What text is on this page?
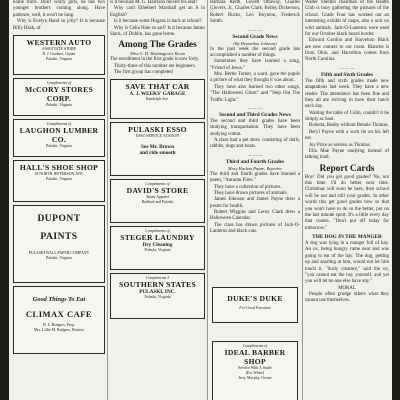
home truck. Don't worry girls, he has two younger brothers coming along. Have patience, well, it won't be long.

Why is Evelyn Hand so jolly? It is because Billy Hash, of

WESTERN AUTO
ASSOCIATE STORE
R. J. Gardner, Owner
Pulaski, Virginia
Compliments of
McCORY STORES CORP.
Pulaski, Virginia
Compliments of
LAUGHON LUMBER CO.
Pulaski, Virginia
HALL'S SHOE SHOP
18 NORTH JEFFERSON AVE.
Pulaski, Virginia
DUPONT
PAINTS
PULASKI WALL PAPER COMPANY
Pulaski, Virginia
Good Things To Eat
CLIMAX CAFE
H. L. Rodgers, Prop.
Mrs. Lillie M. Rodgers, Hostess

is it because M. G. Harrison moved his seat?

Why can't Ethelbert Marshall get an A in English?

Is it because some Hogans is back at school?

Why is Celia Hale so sad? Is it because James Slack, of Dublin, has gone home.

Among The Grades
Miss G. H. Washington's Room

The enrollment in the first grade is now forty.

Thirty-three of this number are beginners.

The first group has completed

SAVE THAT CAR
A. J. WEEKS' GARAGE
Randolph Ave.
PULASKI ESSO
ESSO SERVICE STATION
See Mr. Brown
and ride smooth
Compliments of
DAVID'S STORE
Smart Apparel
Radford and Pulaski
Compliments of
STEGER LAUNDRY
Dry Cleaning
Pulaski, Virginia
Compliments 3
SOUTHERN STATES
PULASKI, INC.
Pulaski, Virginia

Barbara Rerth, Lowell Ottaway, Charles Glovers, Jr., Charles Clark, Bobby Dickerson, Robert Rucks, Leo Boynton, Frederick Smith.

— — —
Second Grade News
(By Hermelina Johnson)

In the past week the second grade has accomplished a number of things.

Sometimes they have learned a song, "Friend of Jesus."

Mrs. Bertie Turner, a ward, gave the pupils a picture of what they thought it was about.

They have also learned two other songs, "The Halloween Ghost" and "Step Out The Traffic Light."

— — —
Second and Third Grades News

The second and third grades have been studying transportation. They have been studying cotton.

A class had a pet show consisting of dolls, rabbits, dogs and boats.

— — —
Third and Fourth Grades
Mary Harless Payne, Reporter

The third and fourth grades have learned a poem, "Autumn Fires."

They have a collection of pictures.

They have drawn pictures of animals.

James Johnson and James Payne drew a poster for health.

Robert Wiggins and Leroy Clark drew a Halloween Calendar.

The class has drawn pictures of Jack-O-Lanterns and black cats.

DUKE'S DUKE
For Good Furniture
Compliments of
IDEAL BARBER SHOP
Service With A Smile
(For White)
Jerry Murphy, Owner

Walter Shelton chairman of the Health Club is busy gathering the pictures of the school. Grade Four has worked out an interesting exhibit of maps, also a unit on wild animals. Jack-O-Lanterns were used for our October black board border.

Edward Gordon and Harvelton Black are new comers to our room. Blanche is from Ohio, and Harvelton comes from North Carolina.

— — —
Fifth and Sixth Grades

The fifth and sixth grades made new adaptations last week. They have a new reader. The attendance has been fine and they all are striving to have their lunch each day.

Waiting the table of Colin, couldn't it be simply as Saul.

Roberta, Reaby without Bennie Thomas.

Beryl Payne with a sock tie on his left ear.

Joy Price as serious as Thomas.

Ella Mae Payne studying instead of talking loud.

Report Cards

Boy! Did you get good grades? No, not this time. I'll do better next time. Christmas will soon be here, then school will be out and still your grades. In other words this get good grades now so that you won't have to do so the better, put on the last minute sport. It's a little every day that counts. "Don't put off today for tomorrow."

THE DOG IN THE MANGER

A dog was lying in a manger full of hay. An ox, being hungry came near and was going to eat of the hay. The dog, getting up and snarling at him, would not let him touch it. "Surly creature," said the ox, "you cannot eat the hay yourself, and yet you will let no one else have any."

MORAL

People often grudge others what they cannot use themselves.
